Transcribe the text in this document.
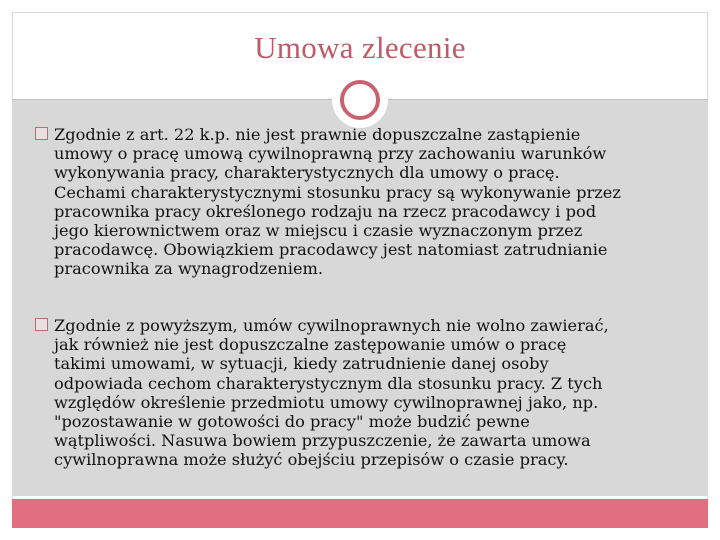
Umowa zlecenie
Zgodnie z art. 22 k.p. nie jest prawnie dopuszczalne zastąpienie
umowy o pracę umową cywilnoprawną przy zachowaniu warunków
wykonywania pracy, charakterystycznych dla umowy o pracę.
Cechami charakterystycznymi stosunku pracy są wykonywanie przez
pracownika pracy określonego rodzaju na rzecz pracodawcy i pod
jego kierownictwem oraz w miejscu i czasie wyznaczonym przez
pracodawcę. Obowiązkiem pracodawcy jest natomiast zatrudnianie
pracownika za wynagrodzeniem.
Zgodnie z powyższym, umów cywilnoprawnych nie wolno zawierać,
jak również nie jest dopuszczalne zastępowanie umów o pracę
takimi umowami, w sytuacji, kiedy zatrudnienie danej osoby
odpowiada cechom charakterystycznym dla stosunku pracy. Z tych
względów określenie przedmiotu umowy cywilnoprawnej jako, np.
"pozostawanie w gotowości do pracy" może budzić pewne
wątpliwości. Nasuwa bowiem przypuszczenie, że zawarta umowa
cywilnoprawna może służyć obejściu przepisów o czasie pracy.
